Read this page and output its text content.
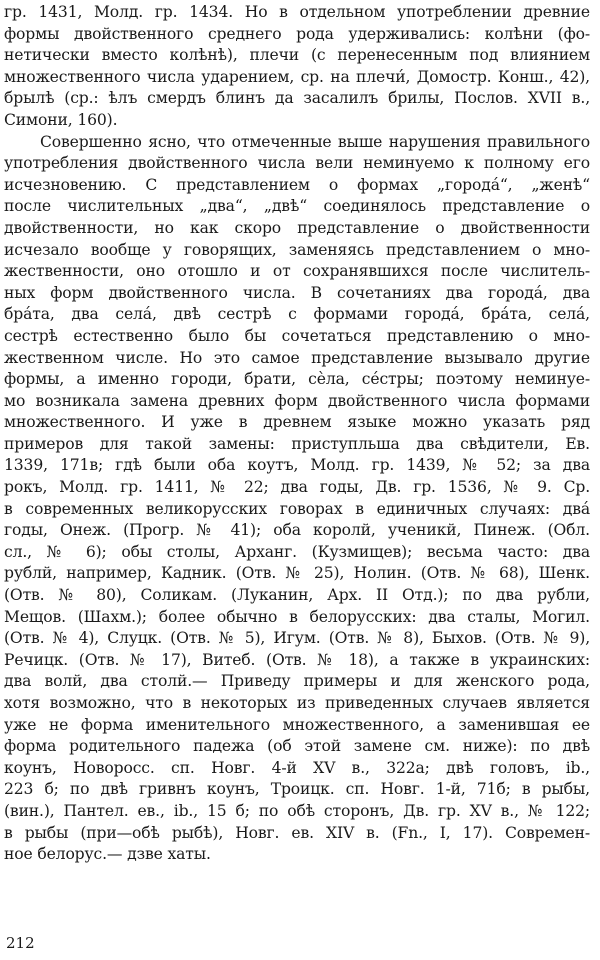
гр. 1431, Молд. гр. 1434. Но в отдельном употреблении древние
формы двойственного среднего рода удерживались: колѣни (фо-
нетически вместо колѣнѣ), плечи (с перенесенным под влиянием
множественного числа ударением, ср. на плечи́, Домостр. Конш., 42),
брылѣ (ср.: ѣлъ смердъ блинъ да засалилъ брилы, Послов. XVII в.,
Симони, 160).

Совершенно ясно, что отмеченные выше нарушения правильного
употребления двойственного числа вели неминуемо к полному его
исчезновению. С представлением о формах „города́“, „женѣ“
после числительных „два“, „двѣ“ соединялось представление о
двойственности, но как скоро представление о двойственности
исчезало вообще у говорящих, заменяясь представлением о мно-
жественности, оно отошло и от сохранявшихся после числитель-
ных форм двойственного числа. В сочетаниях два города́, два
бра́та, два села́, двѣ сестрѣ с формами города́, бра́та, села́,
сестрѣ естественно было бы сочетаться представлению о мно-
жественном числе. Но это самое представление вызывало другие
формы, а именно городи, брати, сѐла, се́стры; поэтому неминуе-
мо возникала замена древних форм двойственного числа формами
множественного. И уже в древнем языке можно указать ряд
примеров для такой замены: приступльша два свѣдители, Ев.
1339, 171в; гдѣ были оба коутъ, Молд. гр. 1439, № 52; за два
рокъ, Молд. гр. 1411, № 22; два годы, Дв. гр. 1536, № 9. Ср.
в современных великорусских говорах в единичных случаях: два́
годы, Онеж. (Прогр. № 41); оба королй, ученикй, Пинеж. (Обл.
сл., № 6); обы столы, Арханг. (Кузмищев); весьма часто: два
рублй, например, Кадник. (Отв. № 25), Нолин. (Отв. № 68), Шенк.
(Отв. № 80), Соликам. (Луканин, Арх. II Отд.); по два рубли,
Мещов. (Шахм.); более обычно в белорусских: два сталы, Могил.
(Отв. № 4), Слуцк. (Отв. № 5), Игум. (Отв. № 8), Быхов. (Отв. № 9),
Речицк. (Отв. № 17), Витеб. (Отв. № 18), а также в украинских:
два волй, два столй.— Приведу примеры и для женского рода,
хотя возможно, что в некоторых из приведенных случаев является
уже не форма именительного множественного, а заменившая ее
форма родительного падежа (об этой замене см. ниже): по двѣ
коунъ, Новоросс. сп. Новг. 4-й XV в., 322а; двѣ головъ, ib.,
223 б; по двѣ гривнъ коунъ, Троицк. сп. Новг. 1-й, 71б; в рыбы,
(вин.), Пантел. ев., ib., 15 б; по обѣ сторонъ, Дв. гр. XV в., № 122;
в рыбы (при—обѣ рыбѣ), Новг. ев. XIV в. (Fn., I, 17). Современ-
ное белорус.— дзве хаты.

212
